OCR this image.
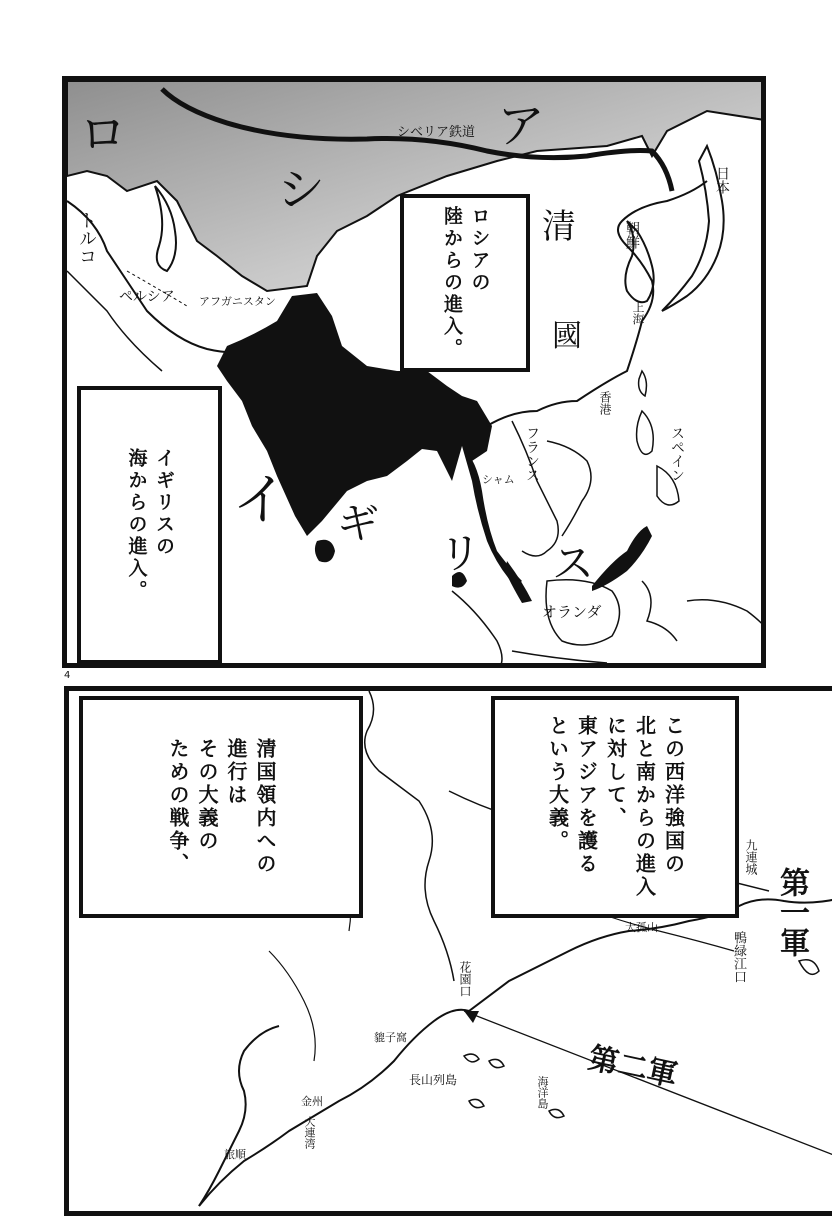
ロ
シ
ア
シベリア鉄道
トルコ
ペルシア アフガニスタン
清
國
朝鮮
日本
上海
香港
フランス
シャム	スペイン
イ ギ
リ ス
オランダ
ロシアの
陸からの進入。
イギリスの
海からの進入。
4
九連城
第一軍
大孤山
鴨緑江口
花園口
貔子窩
長山列島	海洋島
金州
大連湾
旅順
第二軍
清国領内への
進行は
その大義の
ための戦争、	この西洋強国の
北と南からの進入
に対して、
東アジアを護る
という大義。
